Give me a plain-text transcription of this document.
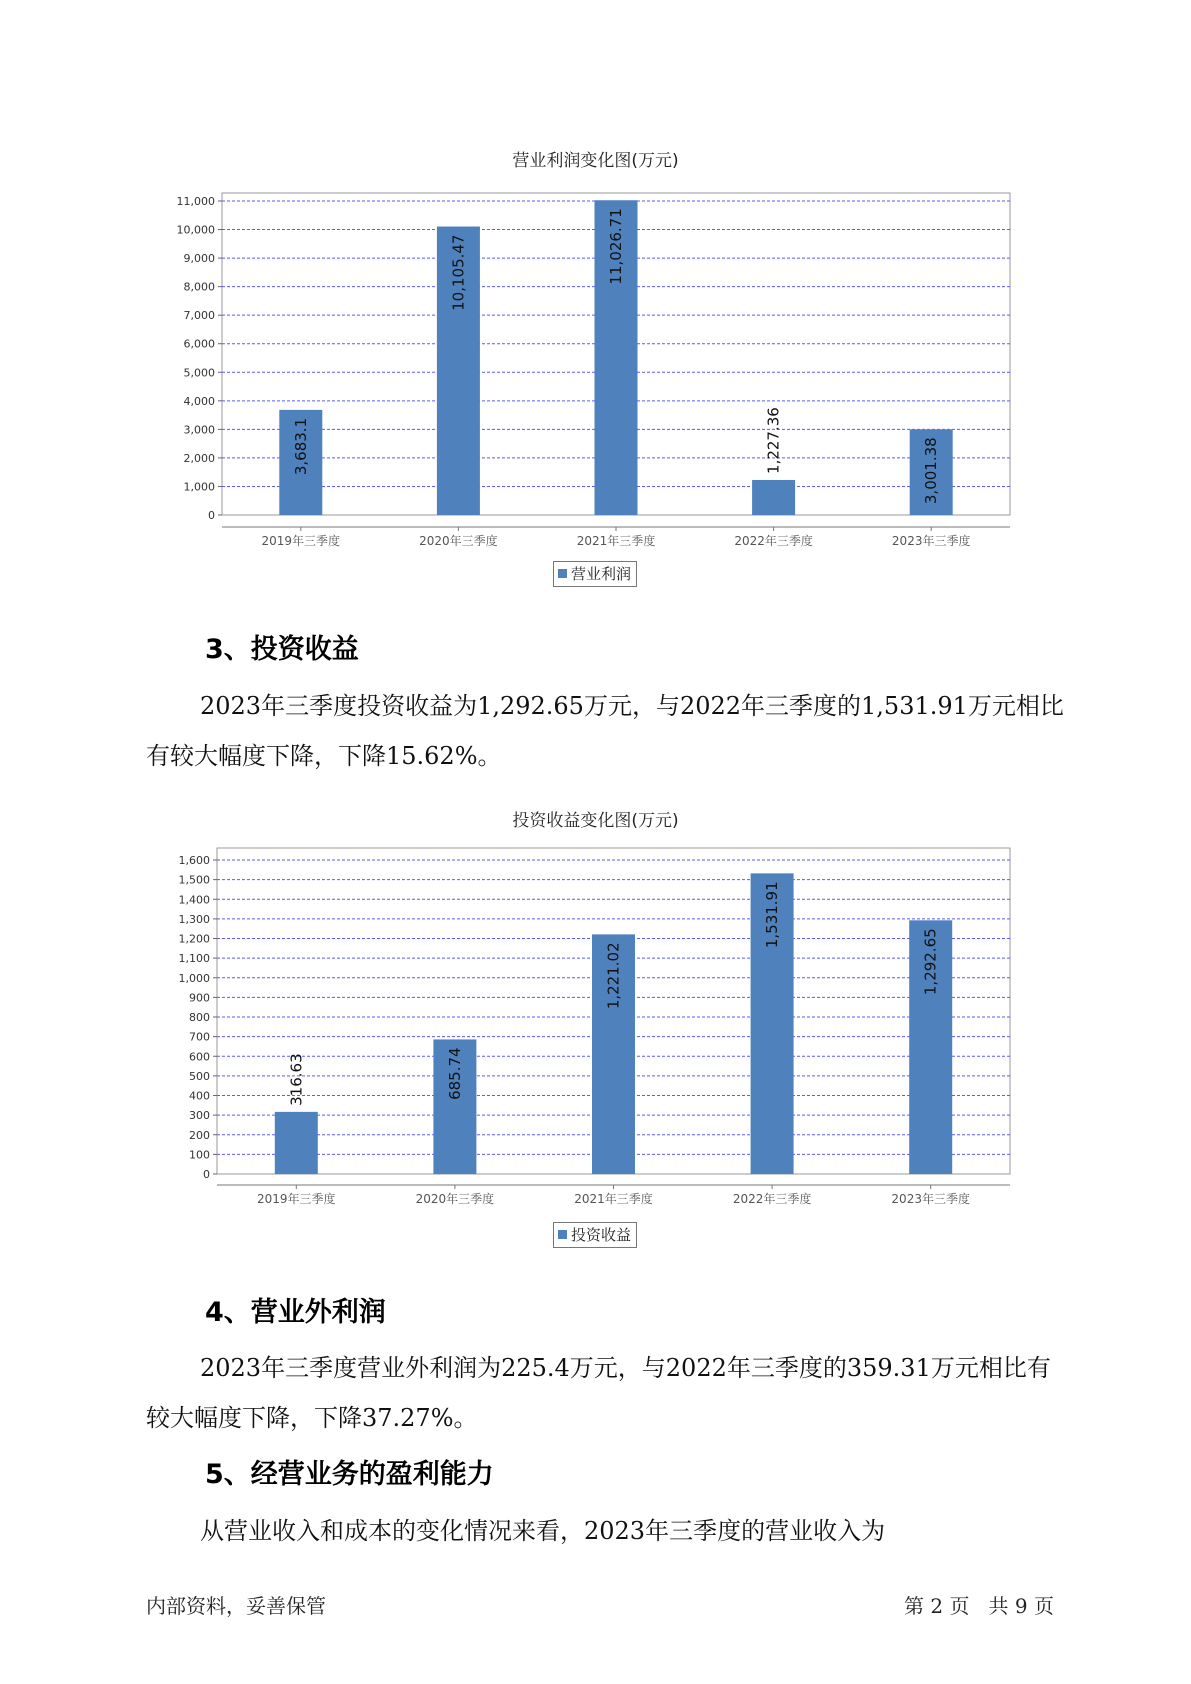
营业利润变化图(万元)
0
1,000
2,000
3,000
4,000
5,000
6,000
7,000
8,000
9,000
10,000
11,000
2019年三季度
3,683.1
2020年三季度
10,105.47
2021年三季度
11,026.71
2022年三季度
1,227.36
2023年三季度
3,001.38
营业利润
3、投资收益

2023年三季度投资收益为1,292.65万元，与2022年三季度的1,531.91万元相比有较大幅度下降，下降15.62%。

投资收益变化图(万元)
0
100
200
300
400
500
600
700
800
900
1,000
1,100
1,200
1,300
1,400
1,500
1,600
2019年三季度
316.63
2020年三季度
685.74
2021年三季度
1,221.02
2022年三季度
1,531.91
2023年三季度
1,292.65
投资收益
4、营业外利润

2023年三季度营业外利润为225.4万元，与2022年三季度的359.31万元相比有较大幅度下降，下降37.27%。

5、经营业务的盈利能力

从营业收入和成本的变化情况来看，2023年三季度的营业收入为

内部资料，妥善保管	第 2 页   共 9 页
